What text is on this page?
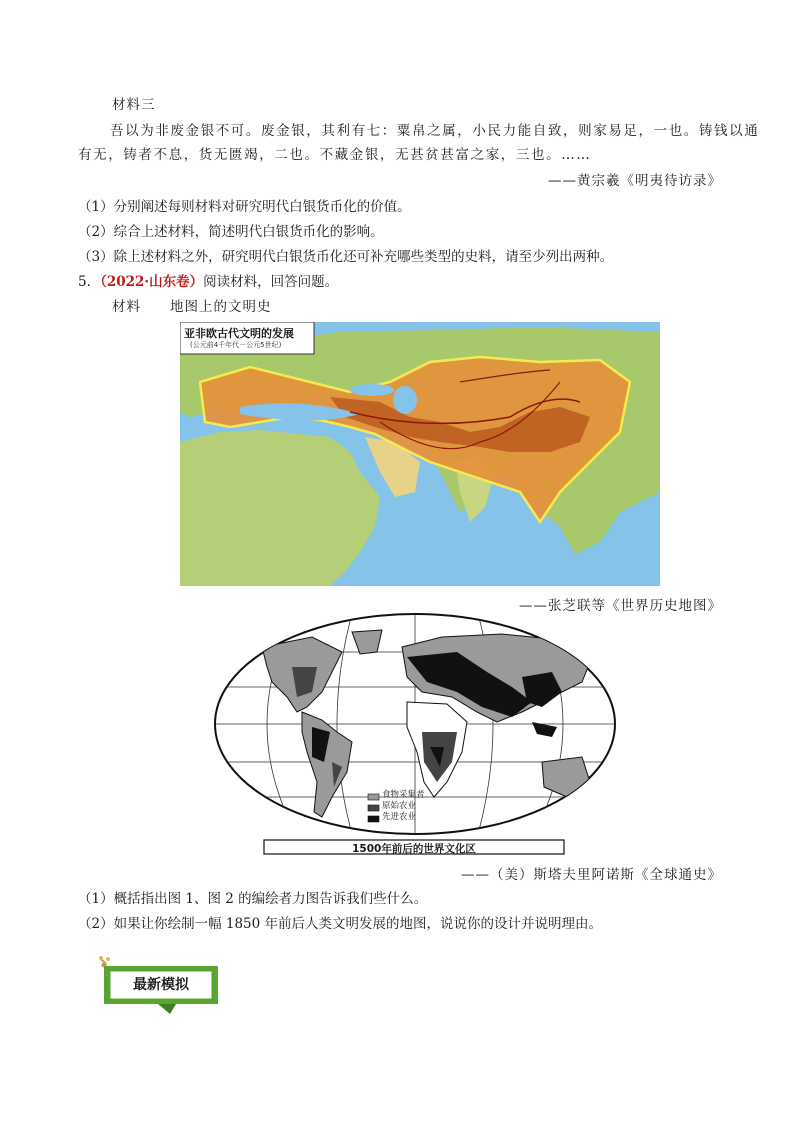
材料三
吾以为非废金银不可。废金银，其利有七：粟帛之属，小民力能自致，则家易足，一也。铸钱以通
有无，铸者不息，货无匮竭，二也。不藏金银，无甚贫甚富之家，三也。……
——黄宗羲《明夷待访录》
（1）分别阐述每则材料对研究明代白银货币化的价值。
（2）综合上述材料，简述明代白银货币化的影响。
（3）除上述材料之外，研究明代白银货币化还可补充哪些类型的史料，请至少列出两种。
5．（2022·山东卷）阅读材料，回答问题。
材料　　地图上的文明史
亚非欧古代文明的发展
(公元前4千年代－公元5世纪)
——张芝联等《世界历史地图》
食物采集者
原始农业
先进农业
1500年前后的世界文化区
——（美）斯塔夫里阿诺斯《全球通史》
（1）概括指出图 1、图 2 的编绘者力图告诉我们些什么。
（2）如果让你绘制一幅 1850 年前后人类文明发展的地图，说说你的设计并说明理由。
最新模拟
